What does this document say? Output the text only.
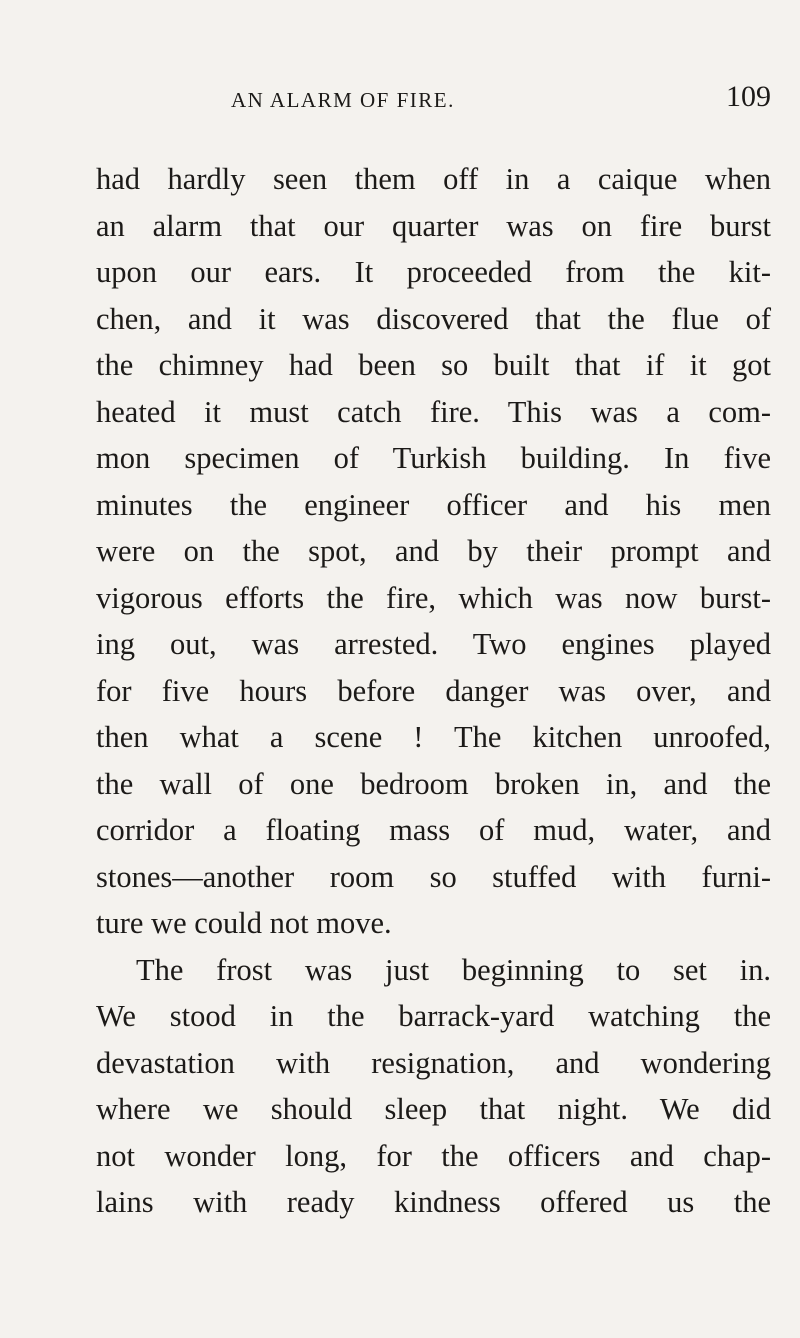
AN ALARM OF FIRE.	109
had hardly seen them off in a caique when
an alarm that our quarter was on fire burst
upon our ears. It proceeded from the kit-
chen, and it was discovered that the flue of
the chimney had been so built that if it got
heated it must catch fire. This was a com-
mon specimen of Turkish building. In five
minutes the engineer officer and his men
were on the spot, and by their prompt and
vigorous efforts the fire, which was now burst-
ing out, was arrested. Two engines played
for five hours before danger was over, and
then what a scene ! The kitchen unroofed,
the wall of one bedroom broken in, and the
corridor a floating mass of mud, water, and
stones—another room so stuffed with furni-
ture we could not move.
The frost was just beginning to set in.
We stood in the barrack-yard watching the
devastation with resignation, and wondering
where we should sleep that night. We did
not wonder long, for the officers and chap-
lains with ready kindness offered us the
